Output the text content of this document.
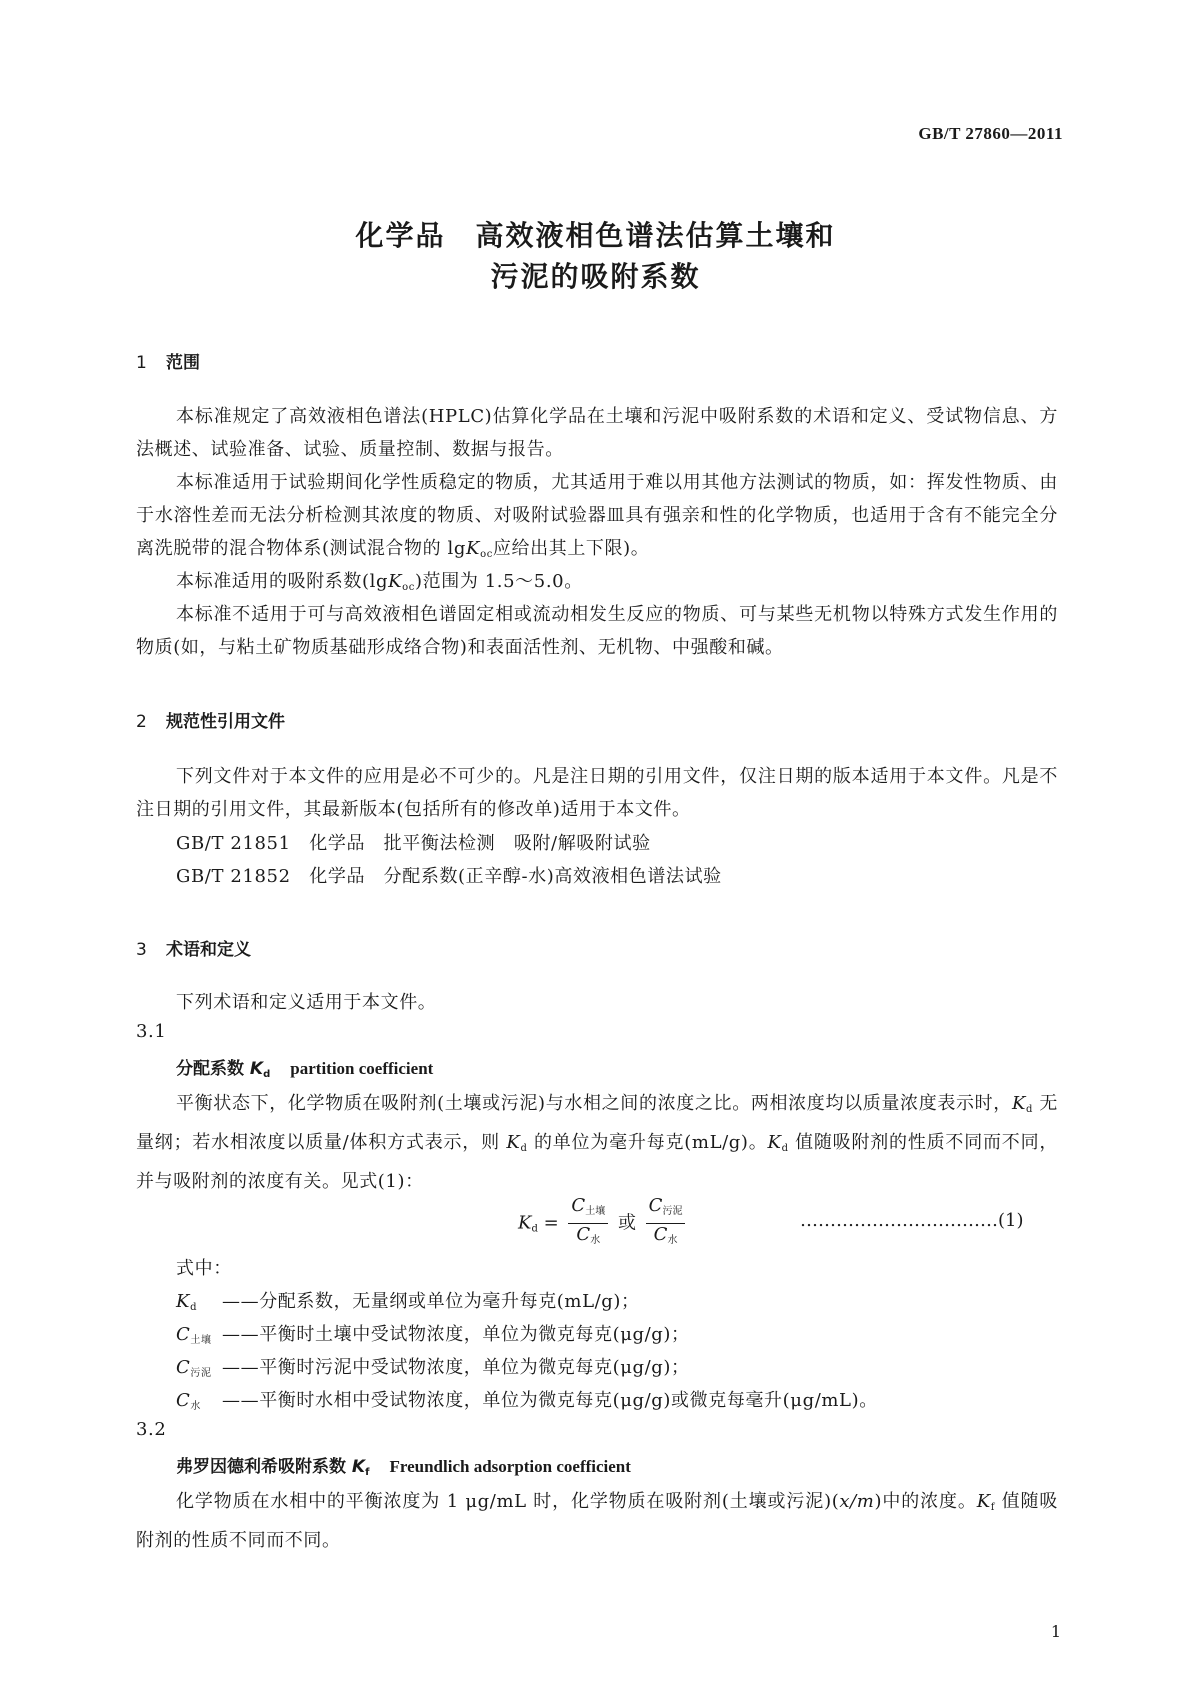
GB/T 27860—2011
化学品　高效液相色谱法估算土壤和
污泥的吸附系数
1 范围
本标准规定了高效液相色谱法(HPLC)估算化学品在土壤和污泥中吸附系数的术语和定义、受试物信息、方法概述、试验准备、试验、质量控制、数据与报告。
本标准适用于试验期间化学性质稳定的物质，尤其适用于难以用其他方法测试的物质，如：挥发性物质、由于水溶性差而无法分析检测其浓度的物质、对吸附试验器皿具有强亲和性的化学物质，也适用于含有不能完全分离洗脱带的混合物体系(测试混合物的 lgK$_{oc}$应给出其上下限)。
本标准适用的吸附系数(lgK$_{oc}$)范围为 1.5～5.0。
本标准不适用于可与高效液相色谱固定相或流动相发生反应的物质、可与某些无机物以特殊方式发生作用的物质(如，与粘土矿物质基础形成络合物)和表面活性剂、无机物、中强酸和碱。
2 规范性引用文件
下列文件对于本文件的应用是必不可少的。凡是注日期的引用文件，仅注日期的版本适用于本文件。凡是不注日期的引用文件，其最新版本(包括所有的修改单)适用于本文件。
GB/T 21851　化学品　批平衡法检测　吸附/解吸附试验
GB/T 21852　化学品　分配系数(正辛醇-水)高效液相色谱法试验
3 术语和定义
下列术语和定义适用于本文件。
3.1
分配系数 $K_d$ partition coefficient
平衡状态下，化学物质在吸附剂(土壤或污泥)与水相之间的浓度之比。两相浓度均以质量浓度表示时，$K_d$ 无量纲；若水相浓度以质量/体积方式表示，则 $K_d$ 的单位为毫升每克(mL/g)。$K_d$ 值随吸附剂的性质不同而不同，并与吸附剂的浓度有关。见式(1)：
$K_d = \frac{C_{土壤}}{C_水}$ 或 $\frac{C_{污泥}}{C_水}$	……………………………(1)
式中：
$K_d$ ——分配系数，无量纲或单位为毫升每克(mL/g)；
$C_{土壤}$ ——平衡时土壤中受试物浓度，单位为微克每克(μg/g)；
$C_{污泥}$ ——平衡时污泥中受试物浓度，单位为微克每克(μg/g)；
$C_水$ ——平衡时水相中受试物浓度，单位为微克每克(μg/g)或微克每毫升(μg/mL)。
3.2
弗罗因德利希吸附系数 $K_f$ Freundlich adsorption coefficient
化学物质在水相中的平衡浓度为 1 μg/mL 时，化学物质在吸附剂(土壤或污泥)(x/m)中的浓度。$K_f$ 值随吸附剂的性质不同而不同。
1
